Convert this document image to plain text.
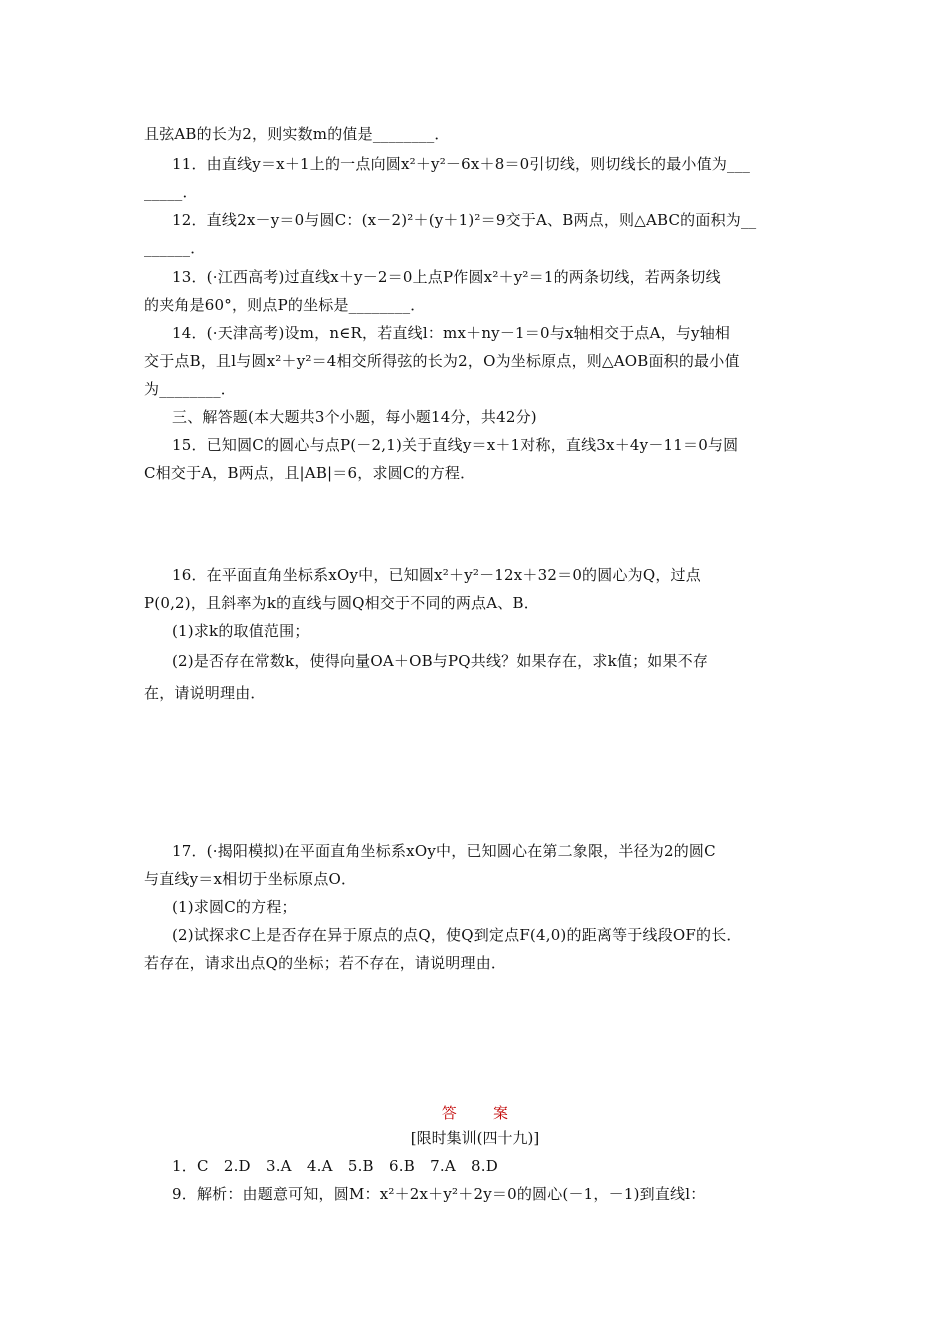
且弦AB的长为2，则实数m的值是________．

11．由直线y＝x＋1上的一点向圆x²＋y²－6x＋8＝0引切线，则切线长的最小值为___

_____．

12．直线2x－y＝0与圆C：(x－2)²＋(y＋1)²＝9交于A、B两点，则△ABC的面积为__

______．

13．(·江西高考)过直线x＋y－2＝0上点P作圆x²＋y²＝1的两条切线，若两条切线

的夹角是60°，则点P的坐标是________．

14．(·天津高考)设m，n∈R，若直线l：mx＋ny－1＝0与x轴相交于点A，与y轴相

交于点B，且l与圆x²＋y²＝4相交所得弦的长为2，O为坐标原点，则△AOB面积的最小值

为________．

三、解答题(本大题共3个小题，每小题14分，共42分)

15．已知圆C的圆心与点P(－2,1)关于直线y＝x＋1对称，直线3x＋4y－11＝0与圆

C相交于A，B两点，且|AB|＝6，求圆C的方程．

16．在平面直角坐标系xOy中，已知圆x²＋y²－12x＋32＝0的圆心为Q，过点

P(0,2)，且斜率为k的直线与圆Q相交于不同的两点A、B．

(1)求k的取值范围；

(2)是否存在常数k，使得向量OA＋OB与PQ共线？如果存在，求k值；如果不存

在，请说明理由．

17．(·揭阳模拟)在平面直角坐标系xOy中，已知圆心在第二象限，半径为2的圆C

与直线y＝x相切于坐标原点O．

(1)求圆C的方程；

(2)试探求C上是否存在异于原点的点Q，使Q到定点F(4,0)的距离等于线段OF的长．

若存在，请求出点Q的坐标；若不存在，请说明理由．

答 案
[限时集训(四十九)]

1．C　2.D　3.A　4.A　5.B　6.B　7.A　8.D

9．解析：由题意可知，圆M：x²＋2x＋y²＋2y＝0的圆心(－1，－1)到直线l：
